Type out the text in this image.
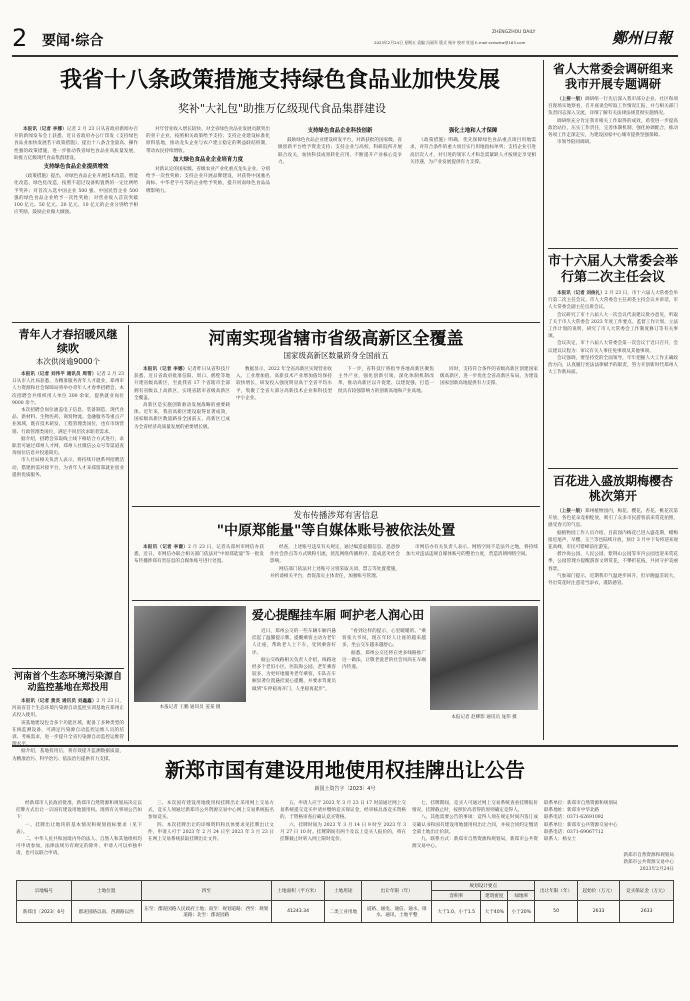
2 要闻·综合
ZHENGZHOU DAILY
2023年2月24日 星期五 责编 冯丽军 版式 杨卉 校对 杜旭 E-mail:zzrbzhw@163.com	鄭州日報
我省十八条政策措施支持绿色食品业加快发展
奖补"大礼包"助推万亿级现代食品集群建设

本报讯（记者 李娜）记者 2 月 23 日从省政府新闻办召开的新闻发布会上获悉，近日省政府办公厅印发《支持绿色食品业加快发展若干政策措施》，提出十八条含金量高、操作性强的政策措施，进一步推动我省绿色食品业高质量发展，助推万亿级现代食品集群建设。

支持绿色食品企业提质增效

《政策措施》提出，对绿色食品企业开展技术改造、智能化改造、绿色化改造，按照不超过设备购置费的一定比例给予奖补；对首次入选中国企业 500 强、中国民营企业 500 强的绿色食品企业给予一次性奖励；对营业收入首次突破 100 亿元、50 亿元、20 亿元、10 亿元的企业分别给予相应奖励，鼓励企业做大做强。

对年营业收入增长较快、对全省绿色食品业发展贡献突出的骨干企业，按照相关政策给予支持；支持企业建设标准化原料基地，推动龙头企业与农户建立稳定的利益联结机制，带动农民持续增收。

加大绿色食品业企业培育力度

对新认定的国家级、省级农业产业化重点龙头企业，分别给予一次性奖励；支持企业开展品牌建设，对获得中国驰名商标、中华老字号等的企业给予奖励，提升河南绿色食品品牌影响力。

支持绿色食品企业科技创新

鼓励绿色食品企业建设研发平台，对新获批的国家级、省级创新平台给予资金支持；支持企业与高校、科研院所开展联合攻关，加快科技成果转化应用，不断提升产业核心竞争力。

强化土地和人才保障

《政策措施》明确，优先保障绿色食品重点项目用地需求，对符合条件的重大项目实行用地指标单列；支持企业引进高层次人才，对引进的领军人才和急需紧缺人才按规定享受相关待遇，为产业发展提供有力支撑。

省人大常委会调研组来我市开展专题调研

（上接一版）调研组一行先后深入我市部分企业、社区和项目现场实地察看，召开座谈会听取工作情况汇报，并与相关部门负责同志深入交流，详细了解有关法律法规贯彻实施情况。

调研组充分肯定我市相关工作取得的成效，希望进一步提高政治站位，压实工作责任，完善体制机制，强化协调配合，推动各项工作走深走实，为建设国家中心城市提供坚强保障。

市领导陪同调研。

市十六届人大常委会举行第二次主任会议

本报讯（记者 刘俊礼）2 月 23 日，市十六届人大常委会举行第二次主任会议。市人大常委会主任胡荃主持会议并讲话，市人大常委会副主任出席会议。

会议研究了市十六届人大一次会议代表建议批办意见，听取了关于市人大常委会 2023 年度工作要点、监督工作计划、立法工作计划的说明，研究了市人大常委会工作制度修订等有关事项。

会议决定，市十六届人大常委会第一次会议于近日召开，会议建议议程为：审议有关人事任免事项及其他事项。

会议强调，要坚持党的全面领导，牢牢把握人大工作正确政治方向，认真履行宪法法律赋予的职责，努力开创新时代郑州人大工作新局面。

百花进入盛放期梅樱杏桃次第开

（上接一版）郑州植物园内，梅花、樱花、杏花、桃花次第开放，各色花朵竞相绽放，吸引了众多市民游客前来赏花拍照，感受春天的气息。

据植物园工作人员介绍，目前园内梅花已进入盛花期，蜡梅接近尾声，早樱、玉兰等也陆续开放，预计 3 月中下旬将迎来观花高峰，市民可错峰前往游览。

碧沙岗公园、人民公园、紫荆山公园等市内公园也迎来赏花季，公园管理方提醒游客文明赏花，不攀折花枝，共同守护美丽春景。

气象部门提示，近期我市气温逐步回升，但早晚温差较大，外出赏花时注意适当添衣，谨防感冒。

青年人才春招暖风继续吹
本次供岗逾9000个

本报讯（记者 刘伟平 通讯员 周雪）记者 2 月 23 日从市人社局获悉，为精准服务青年人才就业，郑州市人力资源和社会保障局将举办青年人才春季招聘会，本次招聘会共组织用人单位 300 余家，提供就业岗位 9000 余个。

本次招聘会岗位涵盖电子信息、装备制造、现代食品、新材料、生物医药、商贸物流、金融服务等重点产业领域，既有技术研发、工程管理类岗位，也有市场营销、行政管理类岗位，满足不同层次求职者需求。

据介绍，招聘会采取线上线下相结合方式进行，求职者可通过郑州人才网、郑州人社微信公众号等渠道查询岗位信息并投递简历。

市人社局相关负责人表示，将持续开展系列招聘活动，搭建供需对接平台，为青年人才来郑留郑就业创业提供优质服务。

河南首个生态环境污染源自动监控基地在郑投用

本报讯（记者 黄灵 通讯员 刘鑫鑫）2 月 23 日，河南省首个生态环境污染源自动监控实训基地在郑州正式投入使用。

该基地建设包含多个功能区域，配备了多种类型的在线监测设备，可满足污染源自动监控运维人员的培训、考核需求，进一步提升全省污染源自动监控运维管

据介绍，基地投用后，将有效提升监测数据质量，为精准治污、科学治污、依法治污提供有力支撑。

河南实现省辖市省级高新区全覆盖
国家级高新区数量跻身全国前五

本报讯（记者 李娜）记者昨日从省科技厅获悉，近日省政府批准信阳、周口、鹤壁等地升建省级高新区，至此我省 17 个省辖市全部拥有省级以上高新区，实现省辖市省级高新区全覆盖。

高新区是实施创新驱动发展战略的重要载体。近年来，我省高新区建设取得显著成效，国家级高新区数量跻身全国前五，高新区已成为全省经济高质量发展的重要增长极。

数据显示，2022 年全省高新区实现营业收入、工业增加值、高新技术产业增加值均保持较快增长，研发投入强度明显高于全省平均水平，集聚了全省大部分高新技术企业和科技型中小企业。

下一步，省科技厅将指导各地高新区聚焦主导产业，强化创新引领，深化体制机制改革，推动高新区以升促建、以建促强，打造一批具有较强影响力的创新高地和产业高地。

同时，支持符合条件的省级高新区创建国家级高新区，进一步优化全省高新区布局，为建设国家创新高地提供有力支撑。

发布传播涉郑有害信息
"中原郑能量"等自媒体账号被依法处置

本报讯（记者 李谦）2 月 23 日，记者从郑州市网信办获悉，近日，市网信办联合相关部门依法对"中原郑能量"等一批发布传播涉郑有害信息的自媒体账号进行处置。

经查，上述账号违反有关规定，通过编造虚假信息、恶意炒作社会热点等方式吸粉引流，扰乱网络传播秩序，造成恶劣社会影响。

网信部门依法对上述账号分别采取关闭、禁言等处置措施，并约谈相关平台，督促落实主体责任，加强账号管理。

市网信办有关负责人表示，网络空间不是法外之地，将持续加大对违法违规自媒体账号的整治力度，营造清朗网络空间。

本报记者 王鹏 通讯员 姜某 摄
爱心提醒挂车厢 呵护老人润心田

近日，郑州公交的一些车辆车厢内悬挂起了温馨提示牌，提醒乘客主动为老年人让座，帮助老人上下车，受到乘客好评。

据公交线路相关负责人介绍，线路途经多个老旧小区、医院和公园，老年乘客较多，为更好地服务老年乘客，车队在车厢显著位置悬挂爱心提醒，并要求驾驶员做到"车停稳再开门、人坐稳再起步"。

"看到这样的提示，心里暖暖的。"乘客张大爷说，现在年轻人让座的越来越多，坐公交车越来越舒心。

据悉，郑州公交还将在更多线路推广这一做法，让敬老爱老的社会风尚在车厢内传递。

本报记者 赵柳影 通讯员 晁伟 摄
新郑市国有建设用地使用权挂牌出让公告
新国土资告字〔2023〕4号

经新郑市人民政府批准，新郑市自然资源和规划局决定以挂牌方式出让一宗国有建设用地使用权。现将有关事项公告如下：

一、挂牌出让地块的基本情况和规划指标要求（见下表）。

二、中华人民共和国境内外的法人、自然人和其他组织均可申请参加，法律法规另有规定的除外，申请人可以单独申请，也可以联合申请。

三、本次国有建设用地使用权挂牌出让采用网上交易方式，竞买人须通过新郑市公共资源交易中心网上交易系统报名参加竞买。

四、本次挂牌出让的详细资料和具体要求见挂牌出让文件，申请人可于 2023 年 2 月 24 日至 2023 年 3 月 23 日在网上交易系统获取挂牌出让文件。

五、申请人应于 2023 年 3 月 23 日 17 时前通过网上交易系统提交竞买申请并缴纳竞买保证金，经审核具备竞买资格的，于资格审查后确认竞买资格。

六、挂牌时间为 2023 年 3 月 14 日 9 时至 2023 年 3 月 27 日 10 时。挂牌期间有两个及以上竞买人报价的，将在挂牌截止时转入网上限时竞价。

七、挂牌期间，竞买人可通过网上交易系统查看挂牌报价情况，挂牌截止时，按照价高者得的原则确定竞得人。

八、其他需要公告的事项：竞得人须在规定时间内签订成交确认书和国有建设用地使用权出让合同，并按合同约定缴清全部土地出让价款。

九、联系方式：新郑市自然资源和规划局、新郑市公共资源交易中心。

联系单位：新郑市自然资源和规划局
联系地址：新郑市中华北路
联系电话：0371-62691092
联系单位：新郑市公共资源交易中心
联系电话：0371-69067712
联系人：杨女士
新郑市自然资源和规划局
新郑市公共资源交易中心
2023年2月24日
宗地编号	土地位置	四至	土地面积（平方米）	土地用途	出让年限（年）	规划设计要点			出让年限（年）	起始价（万元）	竞买保证金（万元）
						容积率	建筑密度	绿地率			
新郑出〔2023〕6号	郡泥园路以南、西湖路以西	东至：郡泥园路人民政府土地；南至：规划道路；西至：规划道路；北至：郡泥园路	41243.34	二类工业用地	道路、通电、通信、通水、排水、通讯、土地平整	大于1.0、小于1.5	大于40%	小于20%	50	2633	2633
